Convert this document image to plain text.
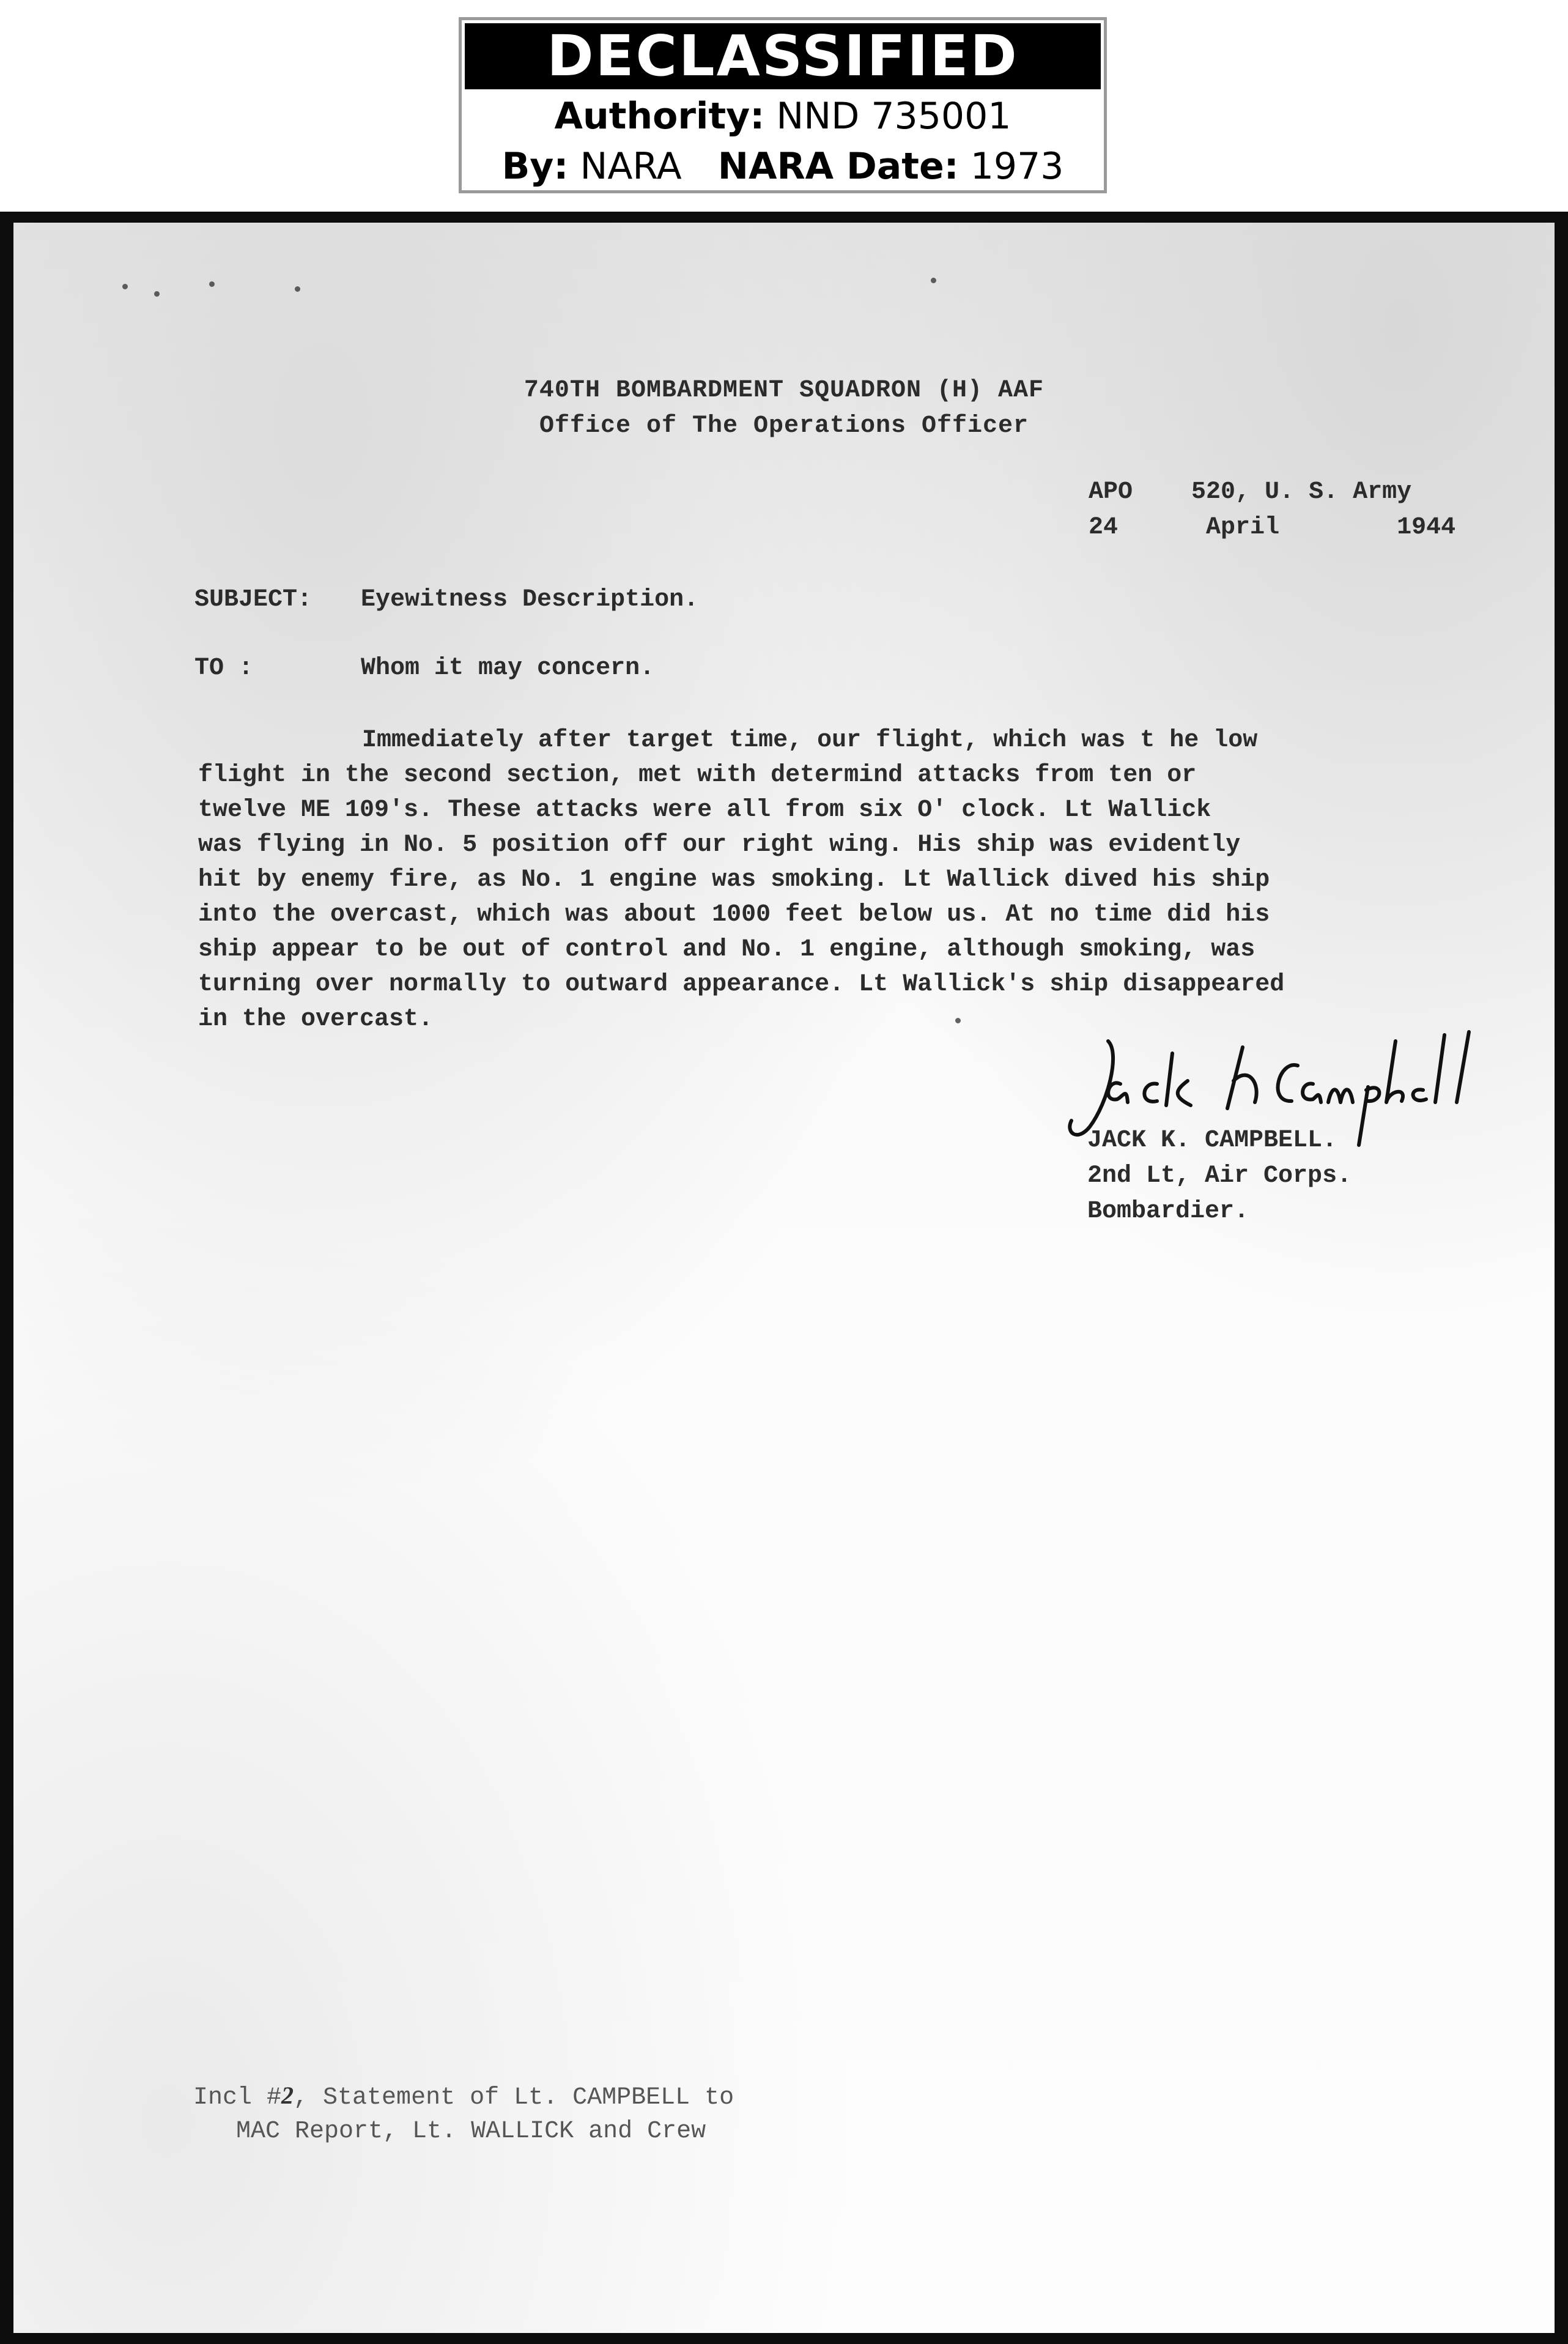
DECLASSIFIED
Authority: NND 735001
By: NARA NARA Date: 1973

740TH BOMBARDMENT SQUADRON (H) AAF

Office of The Operations Officer

APO 520, U. S. Army

24	April	1944

SUBJECT: Eyewitness Description.

TO :	Whom it may concern.

Immediately after target time, our flight, which was t he low
flight in the second section, met with determind attacks from ten or
twelve ME 109's. These attacks were all from six O' clock. Lt Wallick
was flying in No. 5 position off our right wing. His ship was evidently
hit by enemy fire, as No. 1 engine was smoking. Lt Wallick dived his ship
into the overcast, which was about 1000 feet below us. At no time did his
ship appear to be out of control and No. 1 engine, although smoking, was
turning over normally to outward appearance. Lt Wallick's ship disappeared
in the overcast.

JACK K. CAMPBELL.

2nd Lt, Air Corps.

Bombardier.

Incl #2, Statement of Lt. CAMPBELL to
MAC Report, Lt. WALLICK and Crew
